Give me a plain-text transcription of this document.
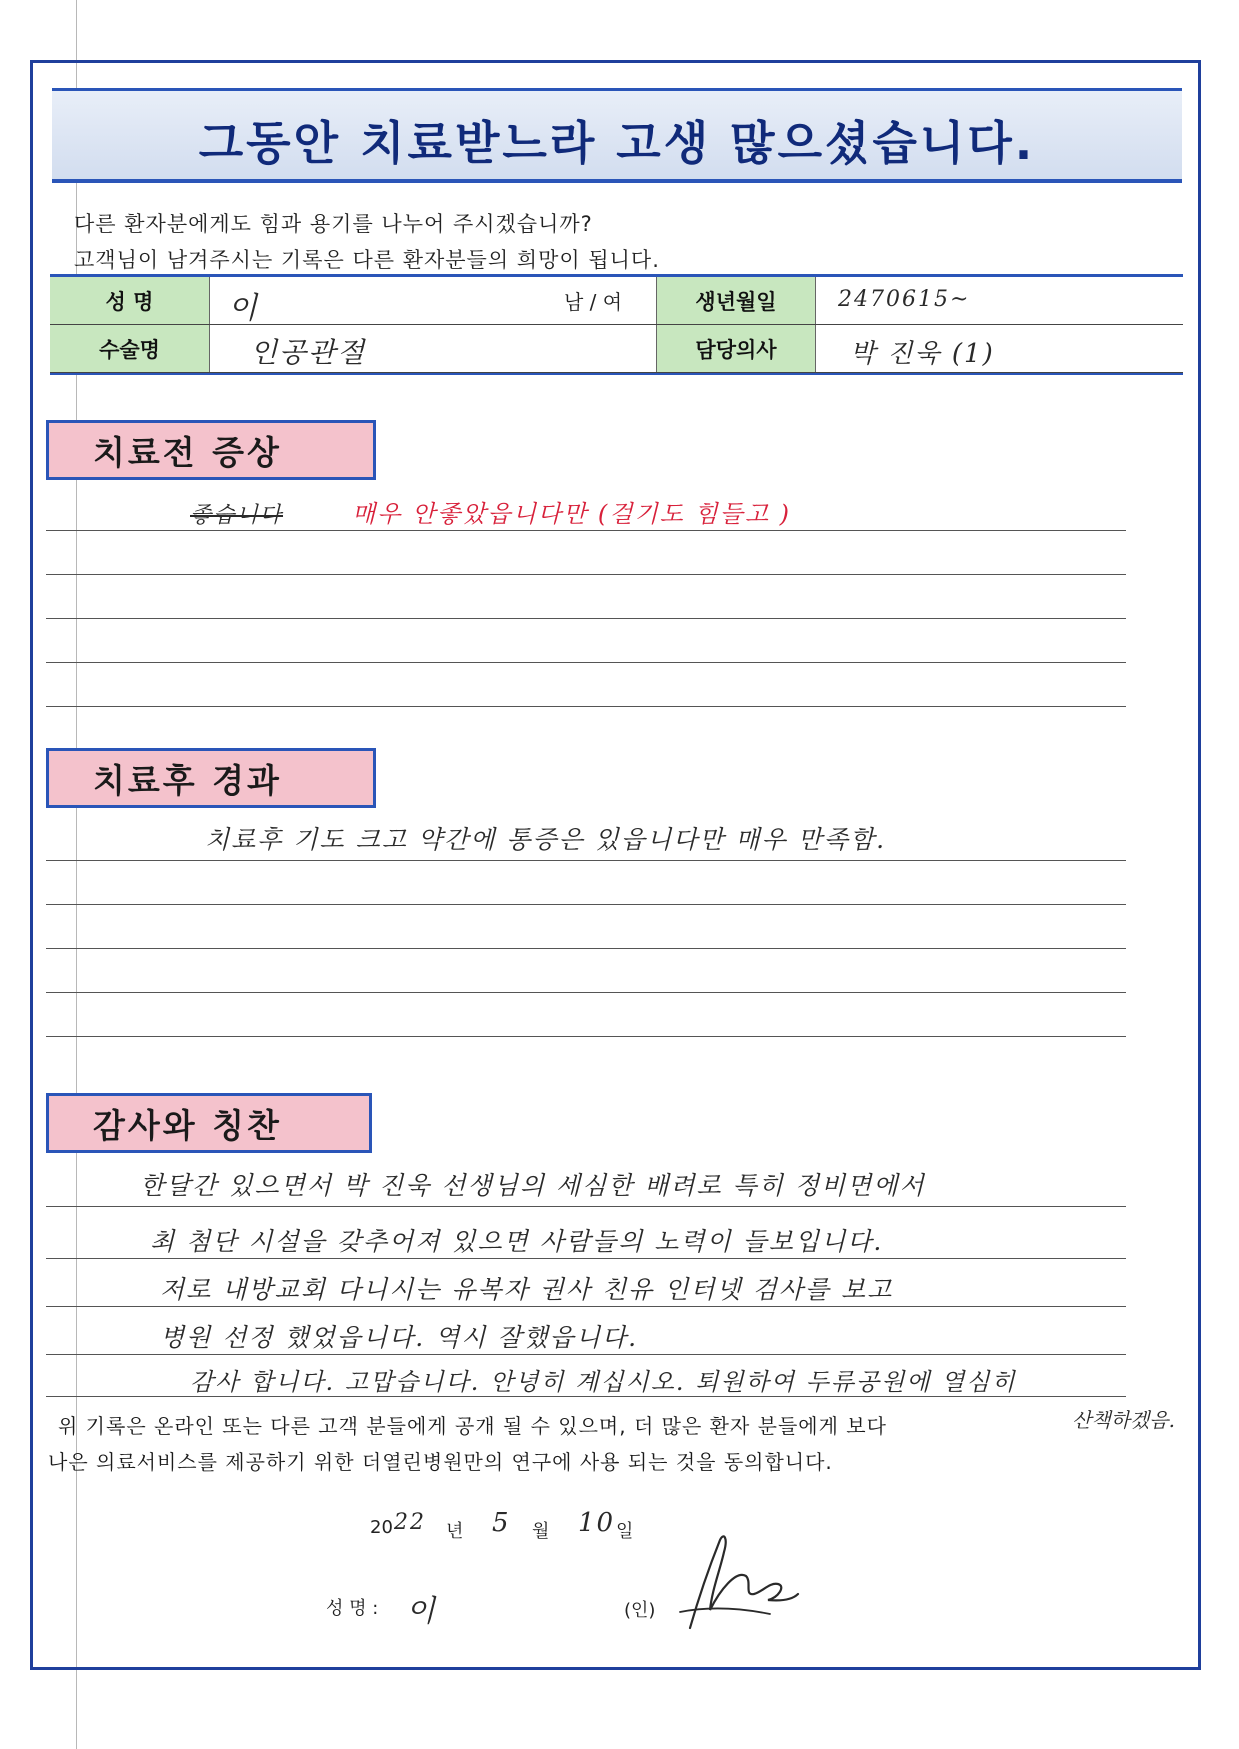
그동안 치료받느라 고생 많으셨습니다.
다른 환자분에게도 힘과 용기를 나누어 주시겠습니까?
고객님이 남겨주시는 기록은 다른 환자분들의 희망이 됩니다.
성 명	이	남 / 여	생년월일	2470615~
수술명	인공관절	담당의사	박 진욱 (1)
치료전 증상
좋습니다	매우 안좋았읍니다만 (걸기도 힘들고 )
치료후 경과
치료후 기도 크고 약간에 통증은 있읍니다만 매우 만족함.
감사와 칭찬
한달간 있으면서 박 진욱 선생님의 세심한 배려로 특히 정비면에서
최 첨단 시설을 갖추어져 있으면 사람들의 노력이 들보입니다.
저로 내방교회 다니시는 유복자 권사 친유 인터넷 검사를 보고
병원 선정 했었읍니다. 역시 잘했읍니다.
감사 합니다. 고맙습니다. 안녕히 계십시오. 퇴원하여 두류공원에 열심히
위 기록은 온라인 또는 다른 고객 분들에게 공개 될 수 있으며, 더 많은 환자 분들에게 보다	산책하겠음.
나은 의료서비스를 제공하기 위한 더열린병원만의 연구에 사용 되는 것을 동의합니다.
20 22 년 5 월 10 일
성 명 : 이	(인)
